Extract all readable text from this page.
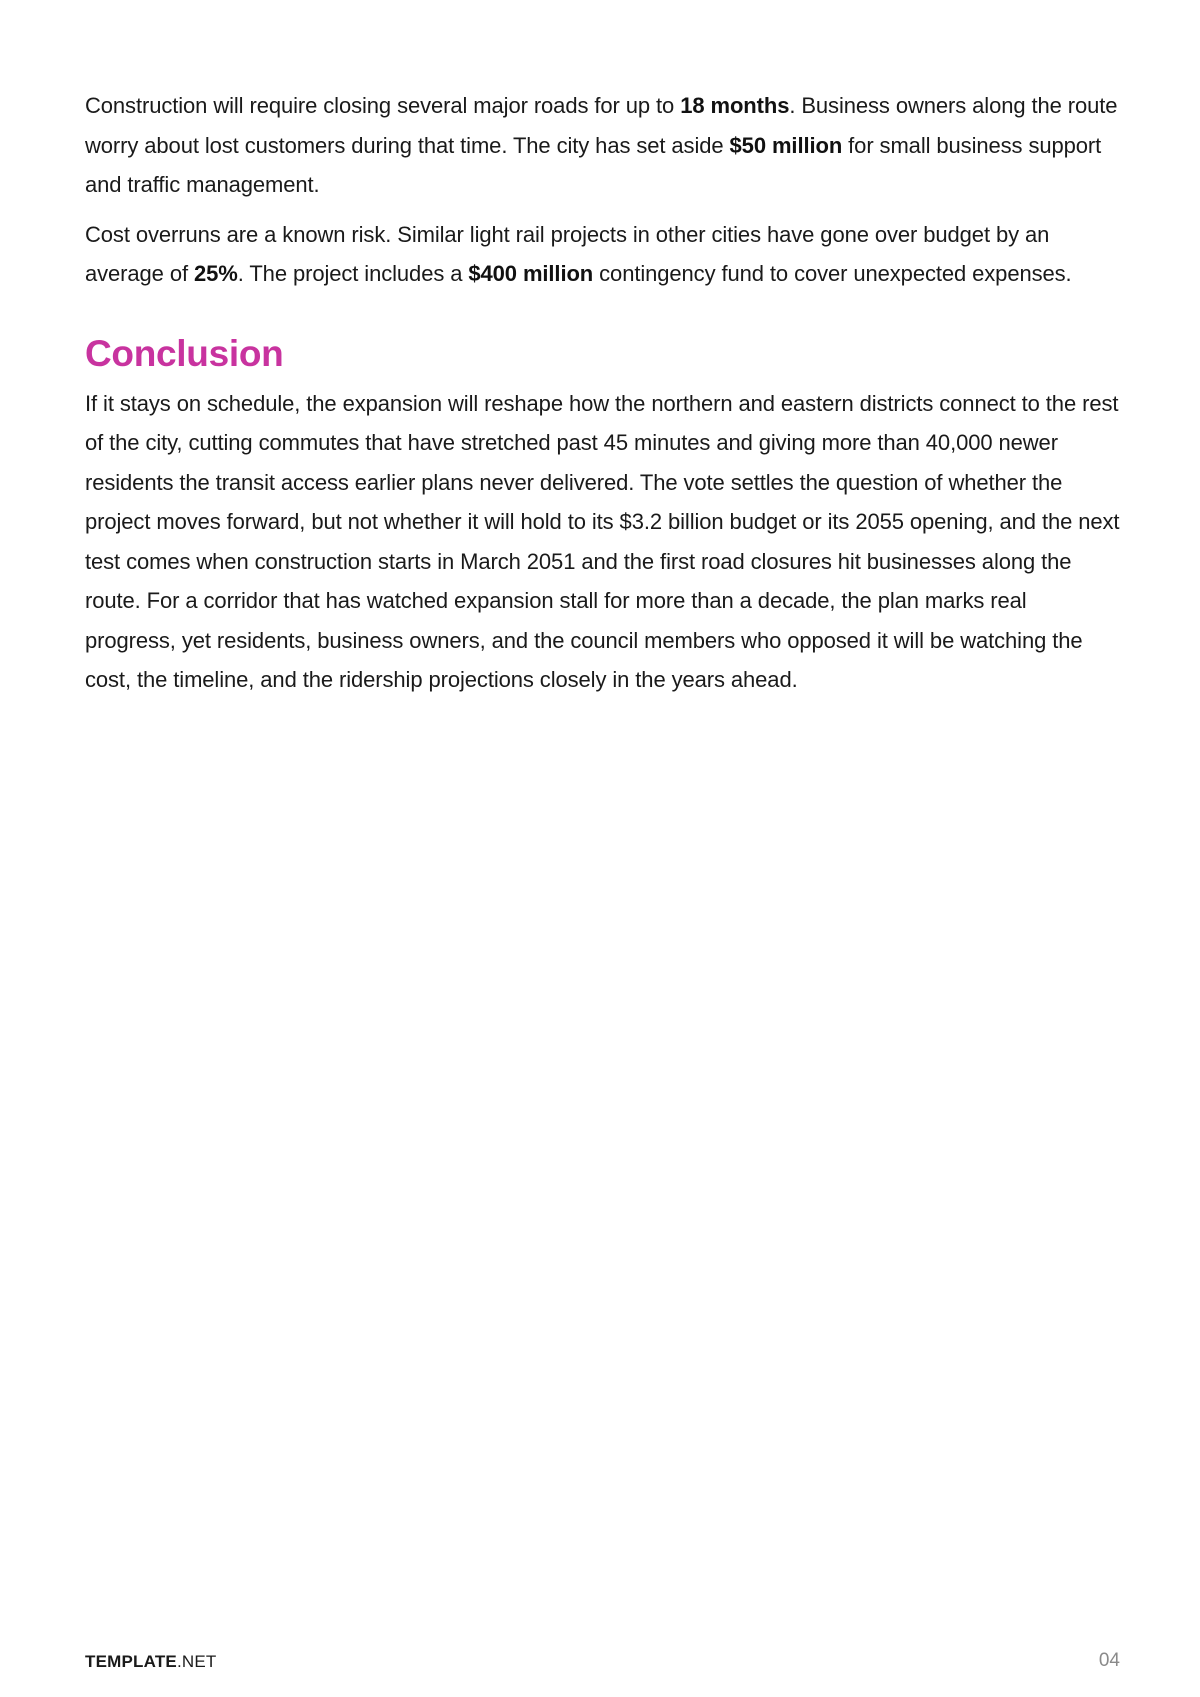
Construction will require closing several major roads for up to 18 months. Business owners along the route worry about lost customers during that time. The city has set aside $50 million for small business support and traffic management.

Cost overruns are a known risk. Similar light rail projects in other cities have gone over budget by an average of 25%. The project includes a $400 million contingency fund to cover unexpected expenses.

Conclusion

If it stays on schedule, the expansion will reshape how the northern and eastern districts connect to the rest of the city, cutting commutes that have stretched past 45 minutes and giving more than 40,000 newer residents the transit access earlier plans never delivered. The vote settles the question of whether the project moves forward, but not whether it will hold to its $3.2 billion budget or its 2055 opening, and the next test comes when construction starts in March 2051 and the first road closures hit businesses along the route. For a corridor that has watched expansion stall for more than a decade, the plan marks real progress, yet residents, business owners, and the council members who opposed it will be watching the cost, the timeline, and the ridership projections closely in the years ahead.

TEMPLATE.NET	04
